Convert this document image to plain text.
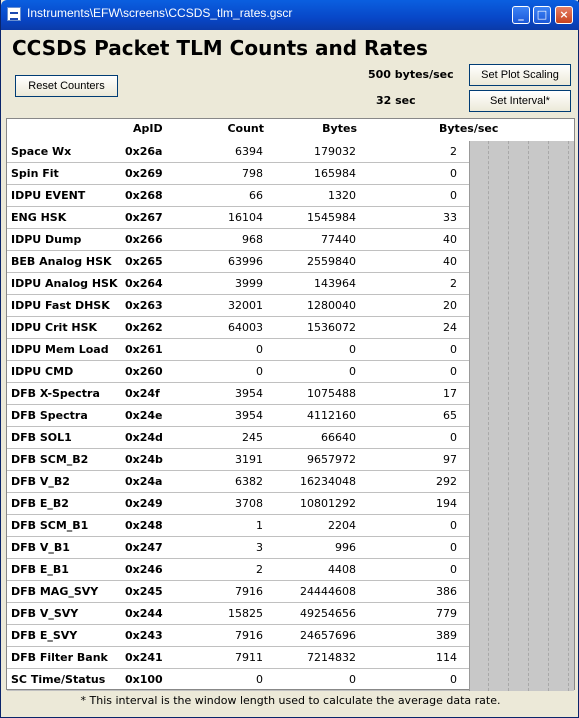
Instruments\EFW\screens\CCSDS_tlm_rates.gscr	_	□	×
CCSDS Packet TLM Counts and Rates
Reset Counters
500 bytes/sec	Set Plot Scaling
32 sec	Set Interval*
ApID	Count	Bytes	Bytes/sec
Space Wx	0x26a	6394	179032	2
Spin Fit	0x269	798	165984	0
IDPU EVENT	0x268	66	1320	0
ENG HSK	0x267	16104	1545984	33
IDPU Dump	0x266	968	77440	40
BEB Analog HSK 0x265	63996	2559840	40
IDPU Analog HSK 0x264	3999	143964	2
IDPU Fast DHSK 0x263	32001	1280040	20
IDPU Crit HSK	0x262	64003	1536072	24
IDPU Mem Load 0x261	0	0	0
IDPU CMD	0x260	0	0	0
DFB X-Spectra 0x24f	3954	1075488	17
DFB Spectra	0x24e	3954	4112160	65
DFB SOL1	0x24d	245	66640	0
DFB SCM_B2	0x24b	3191	9657972	97
DFB V_B2	0x24a	6382	16234048	292
DFB E_B2	0x249	3708	10801292	194
DFB SCM_B1	0x248	1	2204	0
DFB V_B1	0x247	3	996	0
DFB E_B1	0x246	2	4408	0
DFB MAG_SVY 0x245	7916	24444608	386
DFB V_SVY	0x244	15825	49254656	779
DFB E_SVY	0x243	7916	24657696	389
DFB Filter Bank 0x241	7911	7214832	114
SC Time/Status 0x100	0	0	0
* This interval is the window length used to calculate the average data rate.
